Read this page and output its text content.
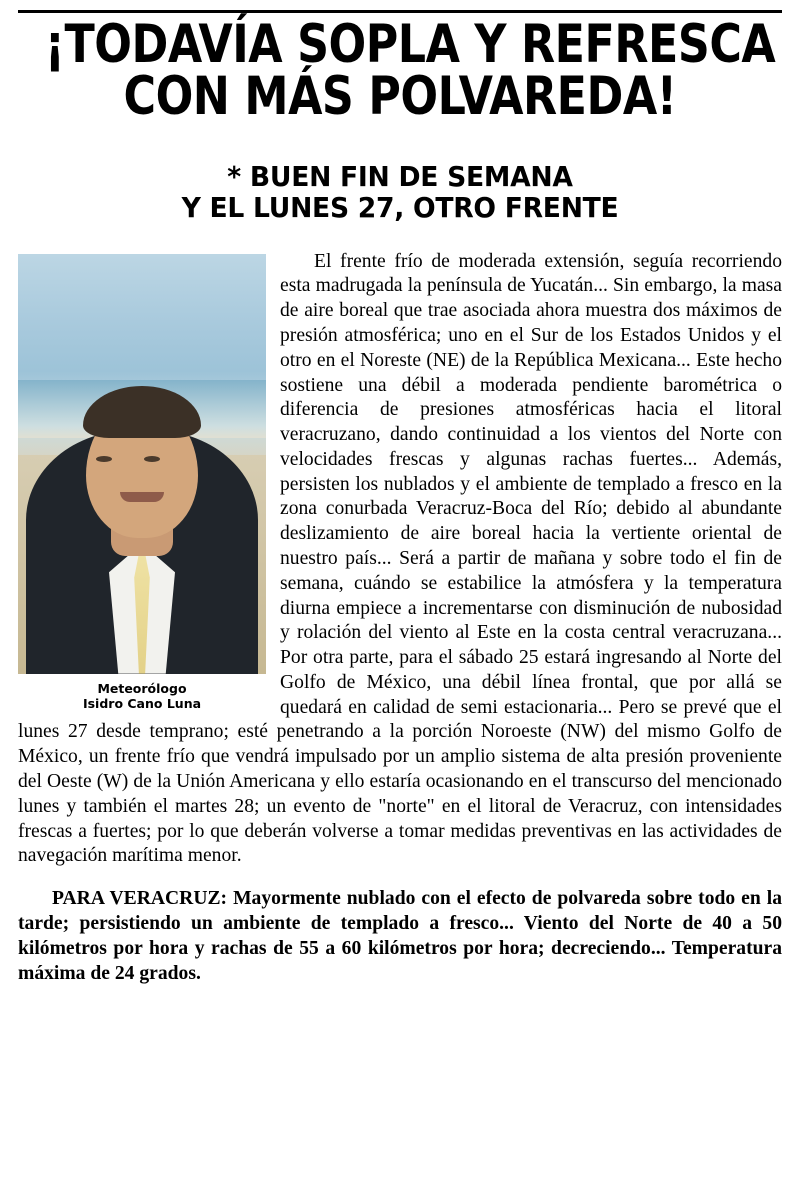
¡TODAVÍA SOPLA Y REFRESCA
CON MÁS POLVAREDA!
* BUEN FIN DE SEMANA
Y EL LUNES 27, OTRO FRENTE
Meteorólogo
Isidro Cano Luna

El frente frío de moderada extensión, seguía recorriendo esta madrugada la península de Yucatán... Sin embargo, la masa de aire boreal que trae asociada ahora muestra dos máximos de presión atmosférica; uno en el Sur de los Estados Unidos y el otro en el Noreste (NE) de la República Mexicana... Este hecho sostiene una débil a moderada pendiente barométrica o diferencia de presiones atmosféricas hacia el litoral veracruzano, dando continuidad a los vientos del Norte con velocidades frescas y algunas rachas fuertes... Además, persisten los nublados y el ambiente de templado a fresco en la zona conurbada Veracruz-Boca del Río; debido al abundante deslizamiento de aire boreal hacia la vertiente oriental de nuestro país... Será a partir de mañana y sobre todo el fin de semana, cuándo se estabilice la atmósfera y la temperatura diurna empiece a incrementarse con disminución de nubosidad y rolación del viento al Este en la costa central veracruzana... Por otra parte, para el sábado 25 estará ingresando al Norte del Golfo de México, una débil línea frontal, que por allá se quedará en calidad de semi estacionaria... Pero se prevé que el lunes 27 desde temprano; esté penetrando a la porción Noroeste (NW) del mismo Golfo de México, un frente frío que vendrá impulsado por un amplio sistema de alta presión proveniente del Oeste (W) de la Unión Americana y ello estaría ocasionando en el transcurso del mencionado lunes y también el martes 28; un evento de "norte" en el litoral de Veracruz, con intensidades frescas a fuertes; por lo que deberán volverse a tomar medidas preventivas en las actividades de navegación marítima menor.

PARA VERACRUZ: Mayormente nublado con el efecto de polvareda sobre todo en la tarde; persistiendo un ambiente de templado a fresco... Viento del Norte de 40 a 50 kilómetros por hora y rachas de 55 a 60 kilómetros por hora; decreciendo... Temperatura máxima de 24 grados.
